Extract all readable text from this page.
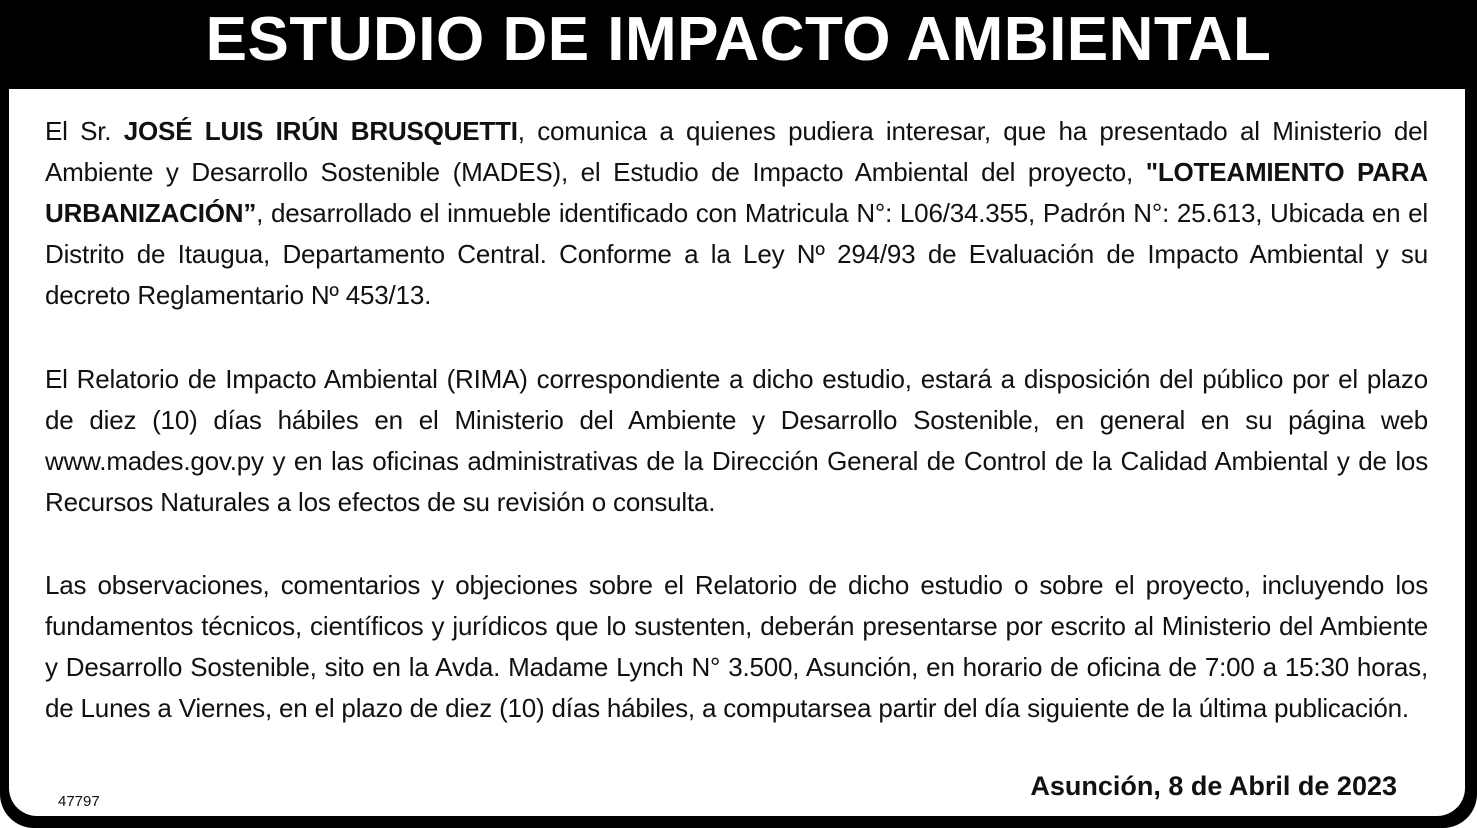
ESTUDIO DE IMPACTO AMBIENTAL

El Sr. JOSÉ LUIS IRÚN BRUSQUETTI, comunica a quienes pudiera interesar, que ha presentado al Ministerio del Ambiente y Desarrollo Sostenible (MADES), el Estudio de Impacto Ambiental del proyecto, "LOTEAMIENTO PARA URBANIZACIÓN”, desarrollado el inmueble identificado con Matricula N°: L06/34.355, Padrón N°: 25.613, Ubicada en el Distrito de Itaugua, Departamento Central. Conforme a la Ley Nº 294/93 de Evaluación de Impacto Ambiental y su decreto Reglamentario Nº 453/13.

El Relatorio de Impacto Ambiental (RIMA) correspondiente a dicho estudio, estará a disposición del público por el plazo de diez (10) días hábiles en el Ministerio del Ambiente y Desarrollo Sostenible, en general en su página web www.mades.gov.py y en las oficinas administrativas de la Dirección General de Control de la Calidad Ambiental y de los Recursos Naturales a los efectos de su revisión o consulta.

Las observaciones, comentarios y objeciones sobre el Relatorio de dicho estudio o sobre el proyecto, incluyendo los fundamentos técnicos, científicos y jurídicos que lo sustenten, deberán presentarse por escrito al Ministerio del Ambiente y Desarrollo Sostenible, sito en la Avda. Madame Lynch N° 3.500, Asunción, en horario de oficina de 7:00 a 15:30 horas, de Lunes a Viernes, en el plazo de diez (10) días hábiles, a computarsea partir del día siguiente de la última publicación.

47797

Asunción, 8 de Abril de 2023
